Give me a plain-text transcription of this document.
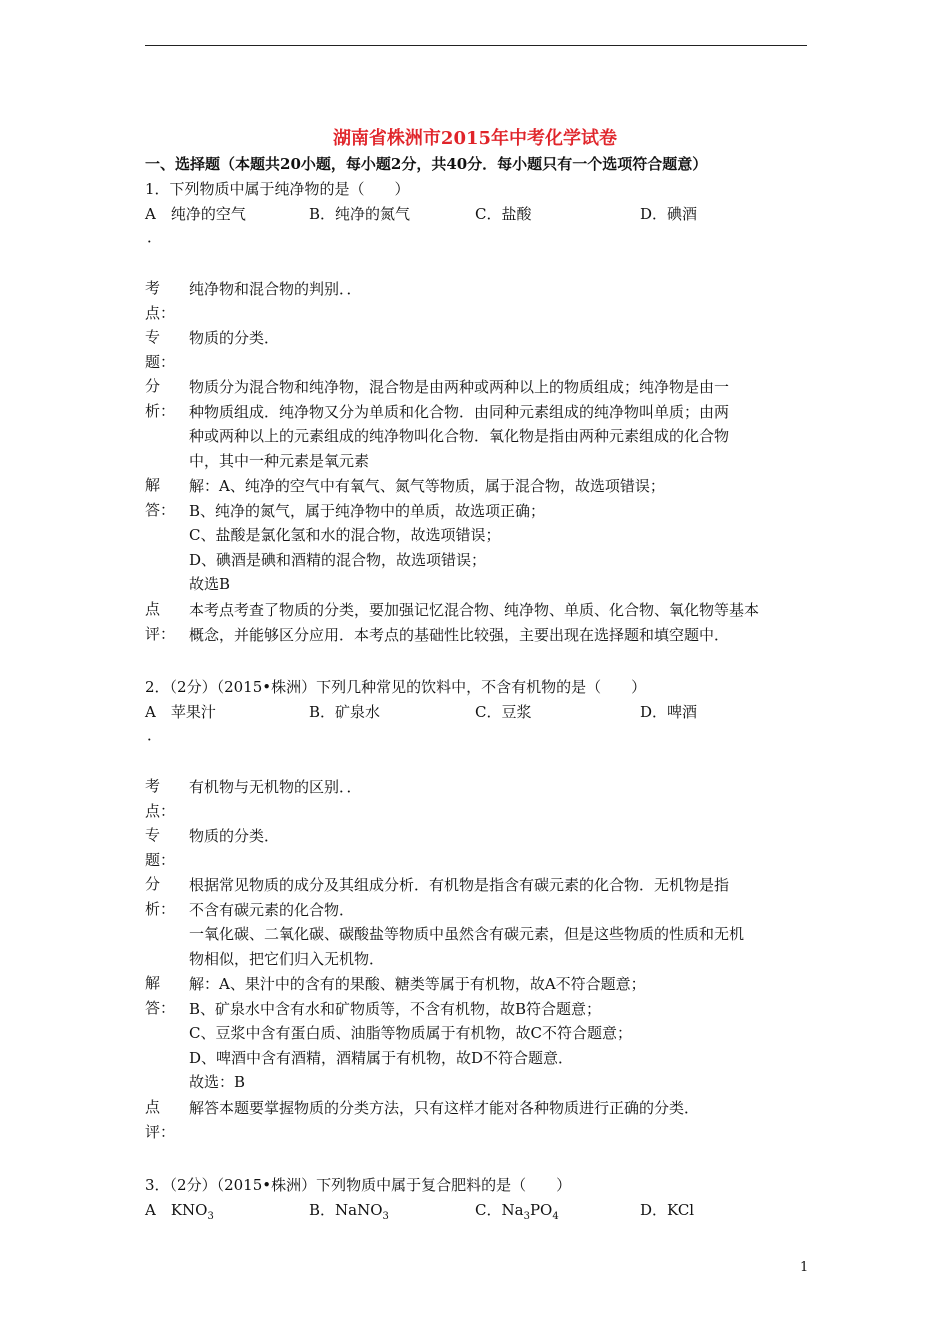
湖南省株洲市2015年中考化学试卷
一、选择题（本题共20小题，每小题2分，共40分．每小题只有一个选项符合题意）
1．下列物质中属于纯净物的是（　　）
A　纯净的空气	B．纯净的氮气	C．盐酸	D．碘酒
．
考
点：

纯净物和混合物的判别．．

专
题：

物质的分类．

分
析：

物质分为混合物和纯净物，混合物是由两种或两种以上的物质组成；纯净物是由一

种物质组成．纯净物又分为单质和化合物．由同种元素组成的纯净物叫单质；由两

种或两种以上的元素组成的纯净物叫化合物．氧化物是指由两种元素组成的化合物

中，其中一种元素是氧元素

解
答：

解：A、纯净的空气中有氧气、氮气等物质，属于混合物，故选项错误；

B、纯净的氮气，属于纯净物中的单质，故选项正确；

C、盐酸是氯化氢和水的混合物，故选项错误；

D、碘酒是碘和酒精的混合物，故选项错误；

故选B

点
评：

本考点考查了物质的分类，要加强记忆混合物、纯净物、单质、化合物、氧化物等基本

概念，并能够区分应用．本考点的基础性比较强，主要出现在选择题和填空题中．

2．（2分）（2015•株洲）下列几种常见的饮料中，不含有机物的是（　　）
A　苹果汁	B．矿泉水	C．豆浆	D．啤酒
．
考
点：

有机物与无机物的区别．．

专
题：

物质的分类．

分
析：

根据常见物质的成分及其组成分析．有机物是指含有碳元素的化合物．无机物是指

不含有碳元素的化合物．

一氧化碳、二氧化碳、碳酸盐等物质中虽然含有碳元素，但是这些物质的性质和无机

物相似，把它们归入无机物．

解
答：

解：A、果汁中的含有的果酸、糖类等属于有机物，故A不符合题意；

B、矿泉水中含有水和矿物质等，不含有机物，故B符合题意；

C、豆浆中含有蛋白质、油脂等物质属于有机物，故C不符合题意；

D、啤酒中含有酒精，酒精属于有机物，故D不符合题意．

故选：B

点
评：

解答本题要掌握物质的分类方法，只有这样才能对各种物质进行正确的分类．

3．（2分）（2015•株洲）下列物质中属于复合肥料的是（　　）
A　$KNO_3$	B．NaNO$_3$	C．$Na_3PO_4$	D．KCl
1
